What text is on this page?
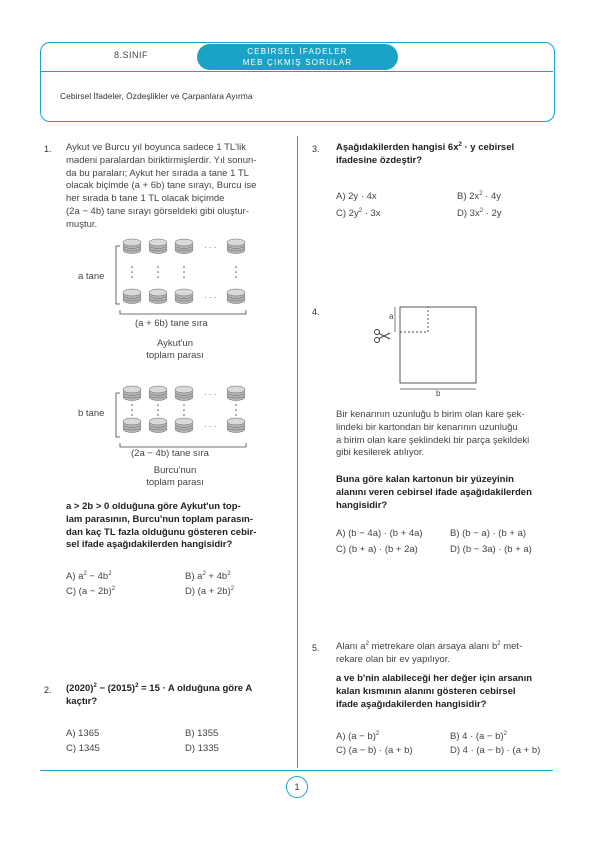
8.SINIF	CEBİRSEL İFADELER
MEB ÇIKMIŞ SORULAR
Cebirsel İfadeler, Özdeşlikler ve Çarpanlara Ayırma
1. Aykut ve Burcu yıl boyunca sadece 1 TL'lik
madeni paralardan biriktirmişlerdir. Yıl sonun-
da bu paraları; Aykut her sırada a tane 1 TL
olacak biçimde (a + 6b) tane sırayı, Burcu ise
her sırada b tane 1 TL olacak biçimde
(2a − 4b) tane sırayı görseldeki gibi oluştur-
muştur.
· · ·
· · ·
a tane
(a + 6b) tane sıra
Aykut'un
toplam parası
· · ·
· · ·
b tane
(2a − 4b) tane sıra
Burcu'nun
toplam parası
a > 2b > 0 olduğuna göre Aykut'un top-
lam parasının, Burcu'nun toplam parasın-
dan kaç TL fazla olduğunu gösteren cebir-
sel ifade aşağıdakilerden hangisidir?
A) $a^2 - 4b^2$	B) $a^2 + 4b^2$
C) $(a - 2b)^2$	D) $(a + 2b)^2$
2. $(2020)^2 - (2015)^2 = 15 \cdot A$ olduğuna göre A
kaçtır?
A) 1365	B) 1355
C) 1345	D) 1335
3. Aşağıdakilerden hangisi $6x^2 \cdot y$ cebirsel
ifadesine özdeştir?
A) 2y · 4x	B) $2x^2 \cdot 4y$
C) $2y^2 \cdot 3x$	D) $3x^2 \cdot 2y$
4.	a
b
Bir kenarının uzunluğu b birim olan kare şek-
lindeki bir kartondan bir kenarının uzunluğu
a birim olan kare şeklindeki bir parça şekildeki
gibi kesilerek atılıyor.
Buna göre kalan kartonun bir yüzeyinin
alanını veren cebirsel ifade aşağıdakilerden
hangisidir?
A) (b − 4a) · (b + 4a)	B) (b − a) · (b + a)
C) (b + a) · (b + 2a)	D) (b − 3a) · (b + a)
5. Alanı $a^2$ metrekare olan arsaya alanı $b^2$ met-
rekare olan bir ev yapılıyor.
a ve b'nin alabileceği her değer için arsanın
kalan kısmının alanını gösteren cebirsel
ifade aşağıdakilerden hangisidir?
A) $(a - b)^2$	B) $4 \cdot (a - b)^2$
C) (a − b) · (a + b)	D) 4 · (a − b) · (a + b)
1
